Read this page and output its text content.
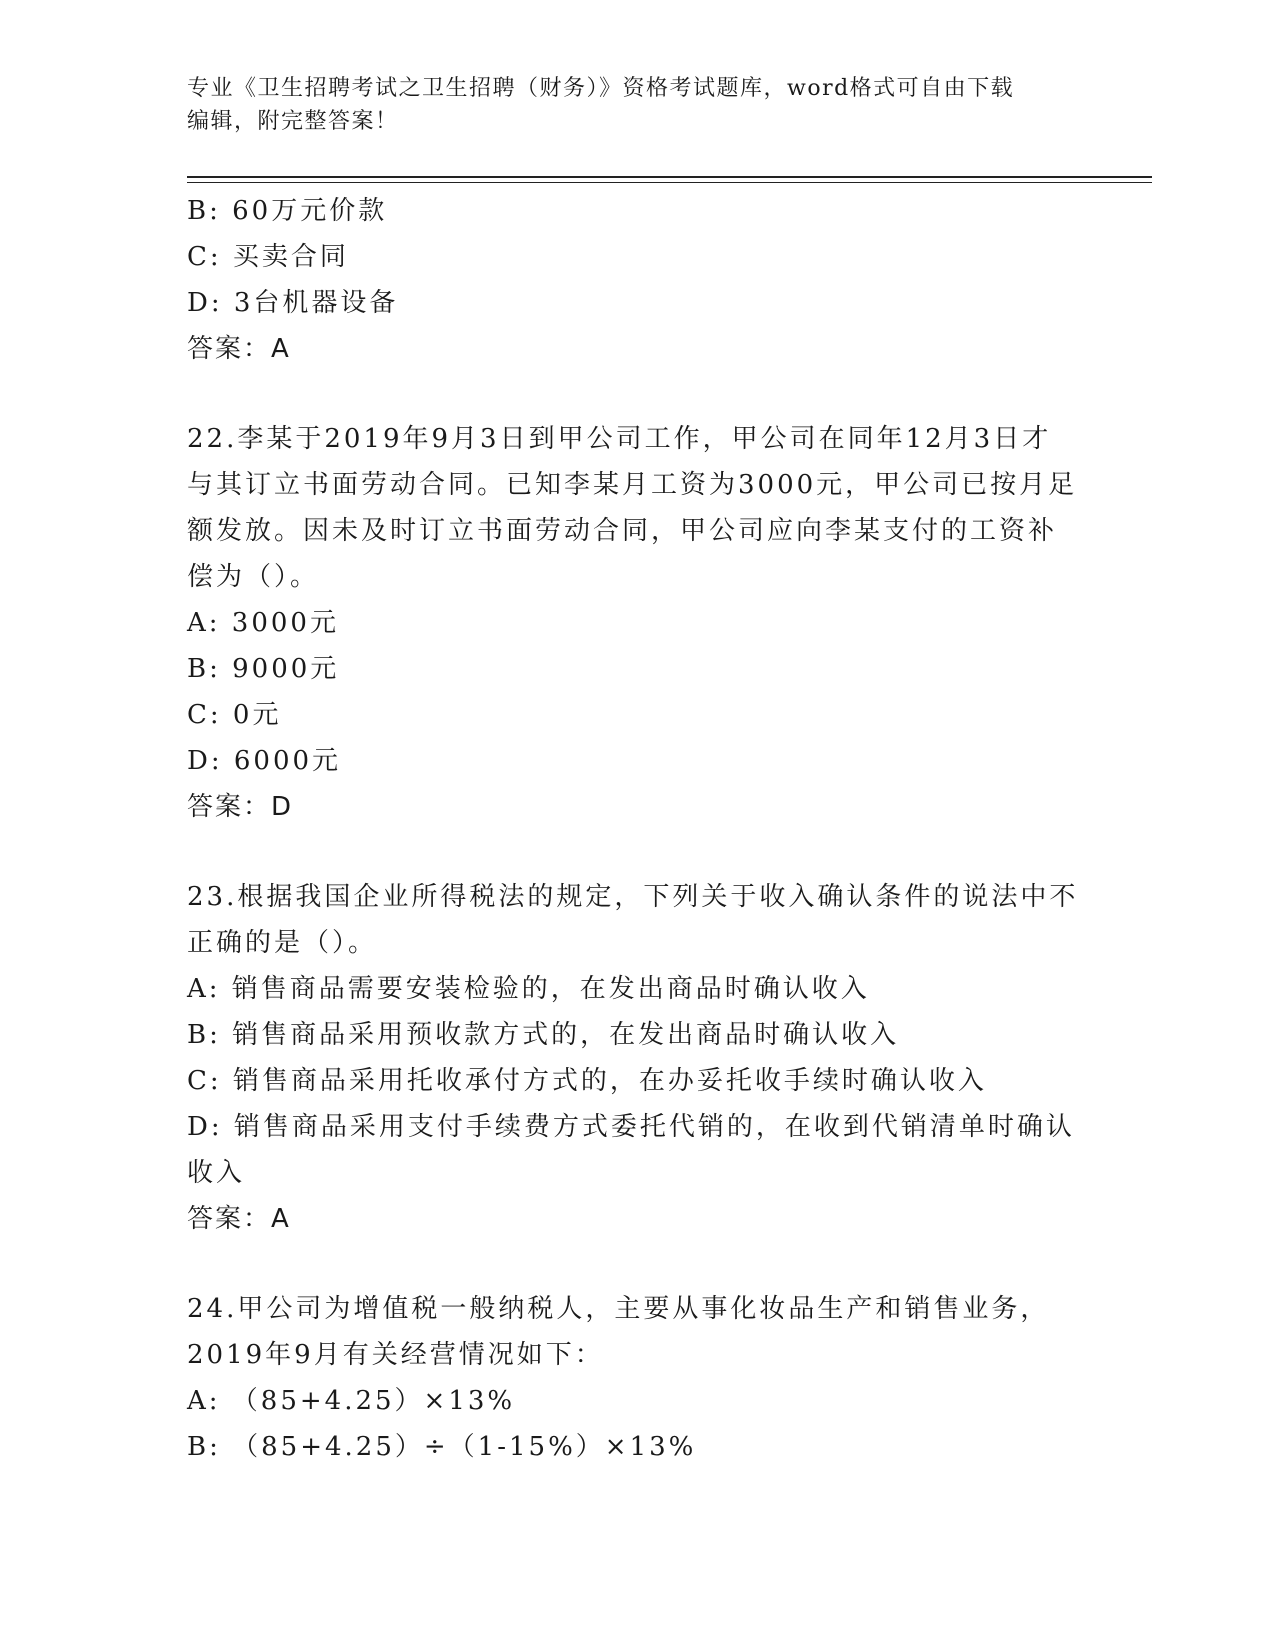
专业《卫生招聘考试之卫生招聘（财务）》资格考试题库，word格式可自由下载
编辑，附完整答案！
B: 60万元价款
C: 买卖合同
D: 3台机器设备
答案：A
22.李某于2019年9月3日到甲公司工作，甲公司在同年12月3日才
与其订立书面劳动合同。已知李某月工资为3000元，甲公司已按月足
额发放。因未及时订立书面劳动合同，甲公司应向李某支付的工资补
偿为（）。
A: 3000元
B: 9000元
C: 0元
D: 6000元
答案：D
23.根据我国企业所得税法的规定，下列关于收入确认条件的说法中不
正确的是（）。
A: 销售商品需要安装检验的，在发出商品时确认收入
B: 销售商品采用预收款方式的，在发出商品时确认收入
C: 销售商品采用托收承付方式的，在办妥托收手续时确认收入
D: 销售商品采用支付手续费方式委托代销的，在收到代销清单时确认
收入
答案：A
24.甲公司为增值税一般纳税人，主要从事化妆品生产和销售业务，
2019年9月有关经营情况如下：
A: （85+4.25）×13%
B: （85+4.25）÷（1-15%）×13%
